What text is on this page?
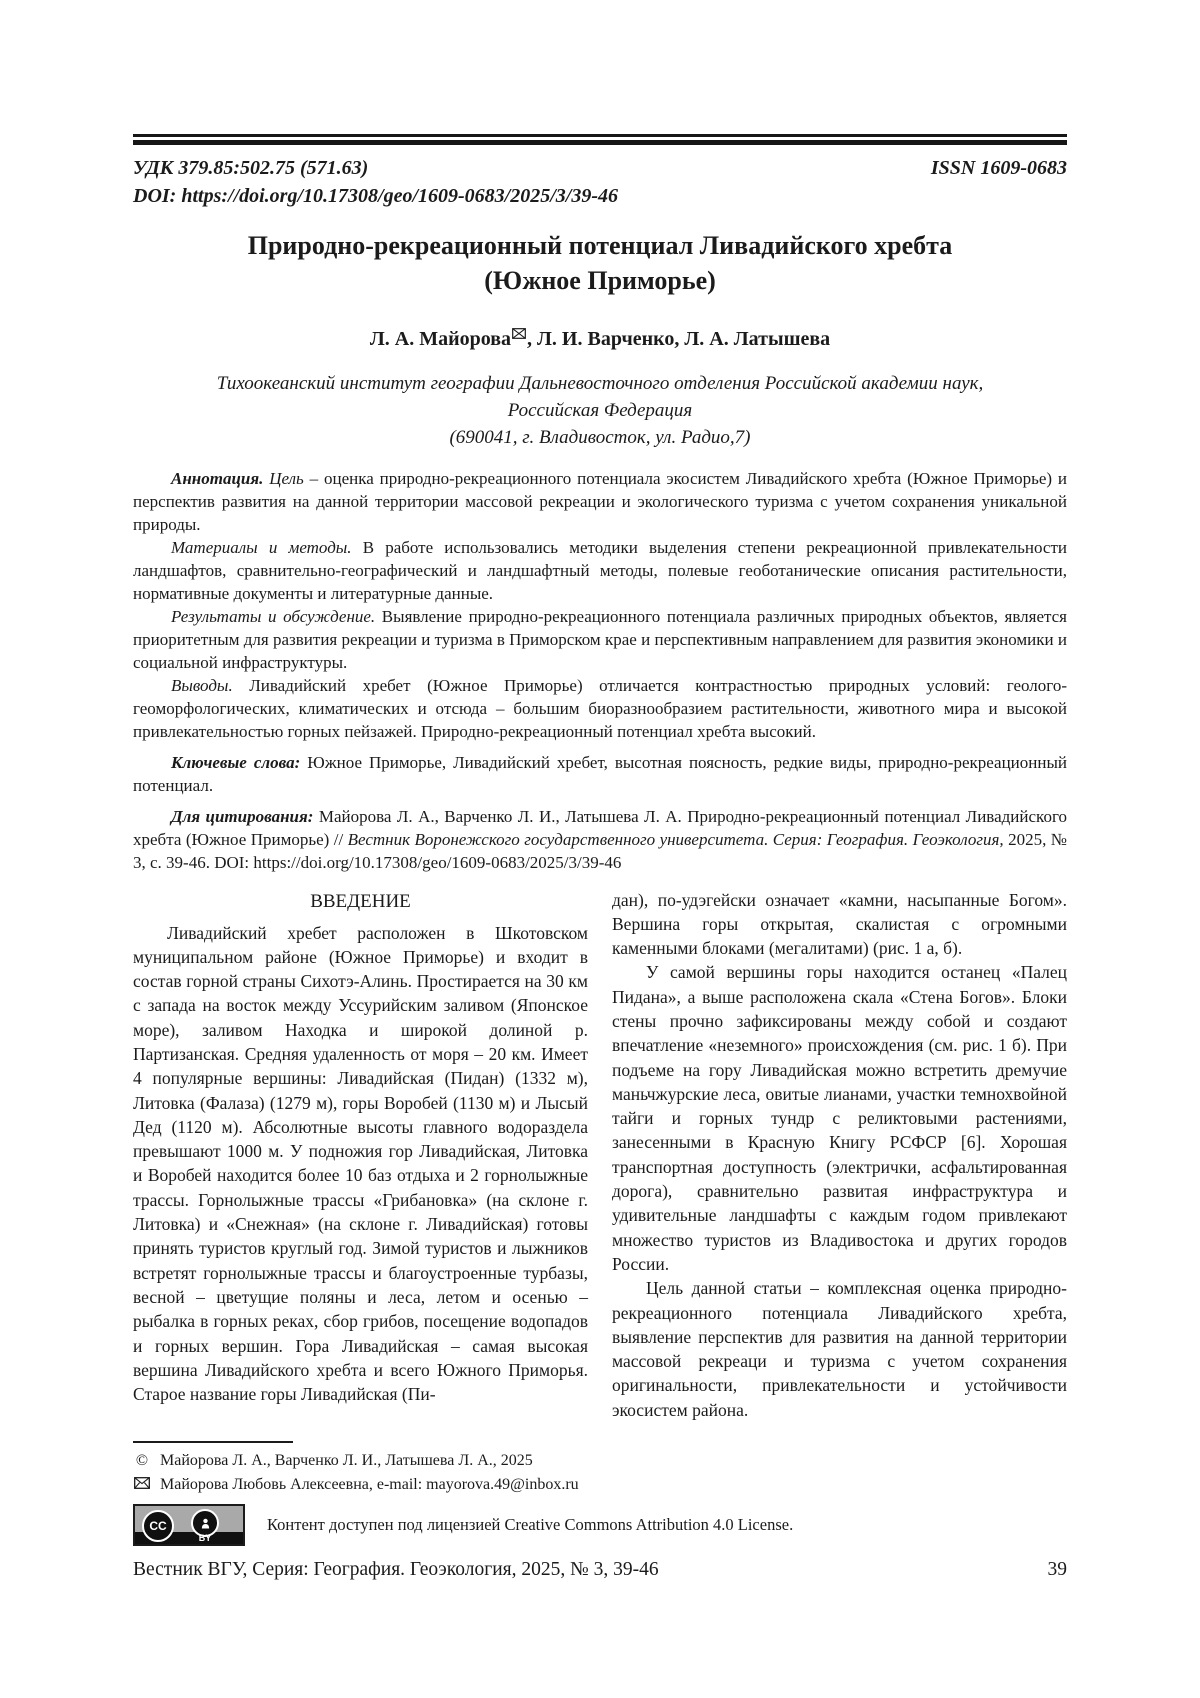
УДК 379.85:502.75 (571.63)	ISSN 1609-0683
DOI: https://doi.org/10.17308/geo/1609-0683/2025/3/39-46
Природно-рекреационный потенциал Ливадийского хребта
(Южное Приморье)
Л. А. Майорова , Л. И. Варченко, Л. А. Латышева
Тихоокеанский институт географии Дальневосточного отделения Российской академии наук,
Российская Федерация
(690041, г. Владивосток, ул. Радио,7)

Аннотация. Цель – оценка природно-рекреационного потенциала экосистем Ливадийского хребта (Южное Приморье) и перспектив развития на данной территории массовой рекреации и экологического туризма с учетом сохранения уникальной природы.

Материалы и методы. В работе использовались методики выделения степени рекреационной привлекательности ландшафтов, сравнительно-географический и ландшафтный методы, полевые геоботанические описания растительности, нормативные документы и литературные данные.

Результаты и обсуждение. Выявление природно-рекреационного потенциала различных природных объектов, является приоритетным для развития рекреации и туризма в Приморском крае и перспективным направлением для развития экономики и социальной инфраструктуры.

Выводы. Ливадийский хребет (Южное Приморье) отличается контрастностью природных условий: геолого-геоморфологических, климатических и отсюда – большим биоразнообразием растительности, животного мира и высокой привлекательностью горных пейзажей. Природно-рекреационный потенциал хребта высокий.

Ключевые слова: Южное Приморье, Ливадийский хребет, высотная поясность, редкие виды, природно-рекреационный потенциал.

Для цитирования: Майорова Л. А., Варченко Л. И., Латышева Л. А. Природно-рекреационный потенциал Ливадийского хребта (Южное Приморье) // Вестник Воронежского государственного университета. Серия: География. Геоэкология, 2025, № 3, с. 39-46. DOI: https://doi.org/10.17308/geo/1609-0683/2025/3/39-46

ВВЕДЕНИЕ

Ливадийский хребет расположен в Шкотовском муниципальном районе (Южное Приморье) и входит в состав горной страны Сихотэ-Алинь. Простирается на 30 км с запада на восток между Уссурийским заливом (Японское море), заливом Находка и широкой долиной р. Партизанская. Средняя удаленность от моря – 20 км. Имеет 4 популярные вершины: Ливадийская (Пидан) (1332 м), Литовка (Фалаза) (1279 м), горы Воробей (1130 м) и Лысый Дед (1120 м). Абсолютные высоты главного водораздела превышают 1000 м. У подножия гор Ливадийская, Литовка и Воробей находится более 10 баз отдыха и 2 горнолыжные трассы. Горнолыжные трассы «Грибановка» (на склоне г. Литовка) и «Снежная» (на склоне г. Ливадийская) готовы принять туристов круглый год. Зимой туристов и лыжников встретят горнолыжные трассы и благоустроенные турбазы, весной – цветущие поляны и леса, летом и осенью – рыбалка в горных реках, сбор грибов, посещение водопадов и горных вершин. Гора Ливадийская – самая высокая вершина Ливадийского хребта и всего Южного Приморья. Старое название горы Ливадийская (Пи-

дан), по-удэгейски означает «камни, насыпанные Богом». Вершина горы открытая, скалистая с огромными каменными блоками (мегалитами) (рис. 1 а, б).

У самой вершины горы находится останец «Палец Пидана», а выше расположена скала «Стена Богов». Блоки стены прочно зафиксированы между собой и создают впечатление «неземного» происхождения (см. рис. 1 б). При подъеме на гору Ливадийская можно встретить дремучие маньчжурские леса, овитые лианами, участки темнохвойной тайги и горных тундр с реликтовыми растениями, занесенными в Красную Книгу РСФСР [6]. Хорошая транспортная доступность (электрички, асфальтированная дорога), сравнительно развитая инфраструктура и удивительные ландшафты с каждым годом привлекают множество туристов из Владивостока и других городов России.

Цель данной статьи – комплексная оценка природно-рекреационного потенциала Ливадийского хребта, выявление перспектив для развития на данной территории массовой рекреаци и туризма с учетом сохранения оригинальности, привлекательности и устойчивости экосистем района.

© Майорова Л. А., Варченко Л. И., Латышева Л. А., 2025
Майорова Любовь Алексеевна, e-mail: mayorova.49@inbox.ru
CC
BY
Контент доступен под лицензией Creative Commons Attribution 4.0 License.
Вестник ВГУ, Серия: География. Геоэкология, 2025, № 3, 39-46	39
